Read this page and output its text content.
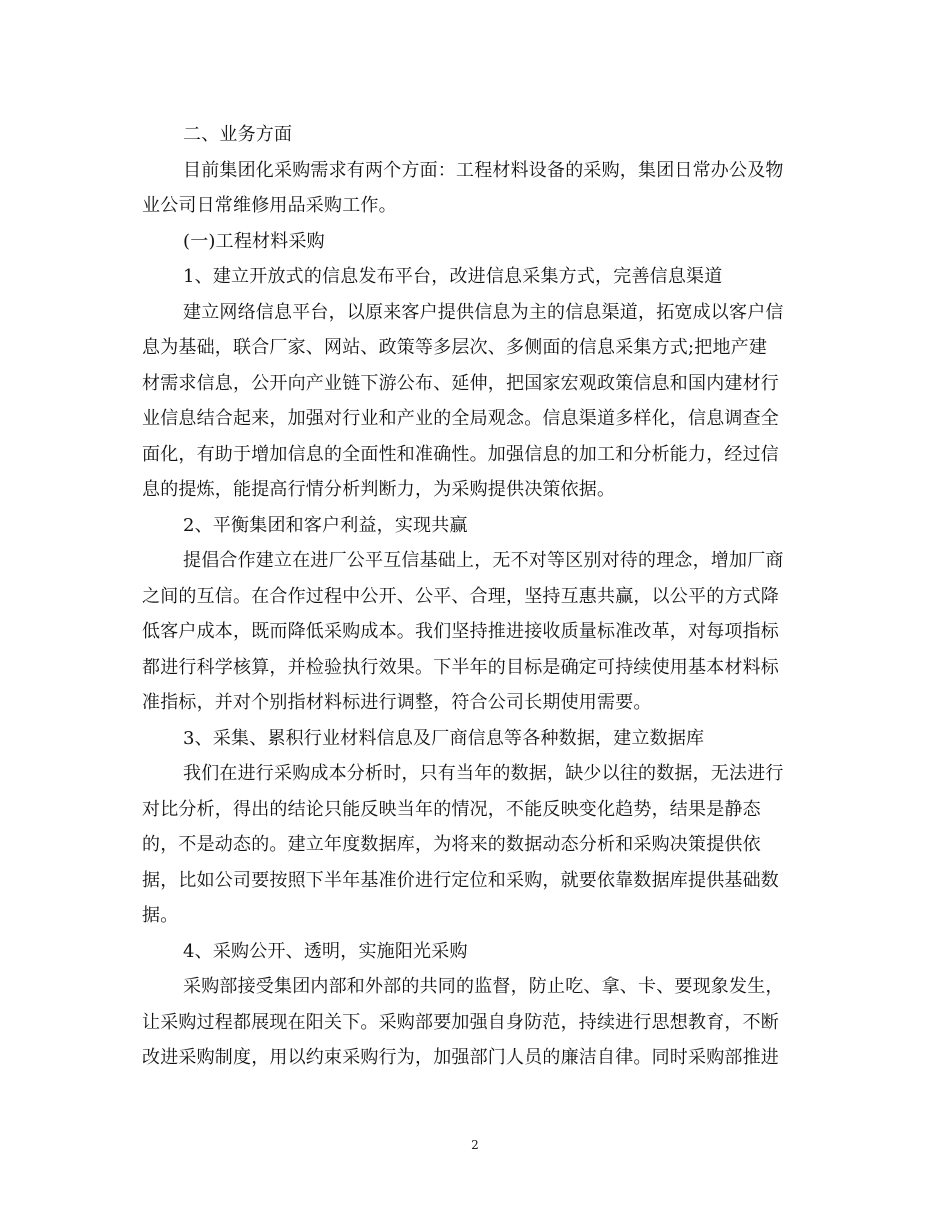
二、业务方面
目前集团化采购需求有两个方面：工程材料设备的采购，集团日常办公及物
业公司日常维修用品采购工作。
(一)工程材料采购
1、建立开放式的信息发布平台，改进信息采集方式，完善信息渠道
建立网络信息平台，以原来客户提供信息为主的信息渠道，拓宽成以客户信
息为基础，联合厂家、网站、政策等多层次、多侧面的信息采集方式;把地产建
材需求信息，公开向产业链下游公布、延伸，把国家宏观政策信息和国内建材行
业信息结合起来，加强对行业和产业的全局观念。信息渠道多样化，信息调查全
面化，有助于增加信息的全面性和准确性。加强信息的加工和分析能力，经过信
息的提炼，能提高行情分析判断力，为采购提供决策依据。
2、平衡集团和客户利益，实现共赢
提倡合作建立在进厂公平互信基础上，无不对等区别对待的理念，增加厂商
之间的互信。在合作过程中公开、公平、合理，坚持互惠共赢，以公平的方式降
低客户成本，既而降低采购成本。我们坚持推进接收质量标准改革，对每项指标
都进行科学核算，并检验执行效果。下半年的目标是确定可持续使用基本材料标
准指标，并对个别指材料标进行调整，符合公司长期使用需要。
3、采集、累积行业材料信息及厂商信息等各种数据，建立数据库
我们在进行采购成本分析时，只有当年的数据，缺少以往的数据，无法进行
对比分析，得出的结论只能反映当年的情况，不能反映变化趋势，结果是静态
的，不是动态的。建立年度数据库，为将来的数据动态分析和采购决策提供依
据，比如公司要按照下半年基准价进行定位和采购，就要依靠数据库提供基础数
据。
4、采购公开、透明，实施阳光采购
采购部接受集团内部和外部的共同的监督，防止吃、拿、卡、要现象发生，
让采购过程都展现在阳关下。采购部要加强自身防范，持续进行思想教育，不断
改进采购制度，用以约束采购行为，加强部门人员的廉洁自律。同时采购部推进
2
